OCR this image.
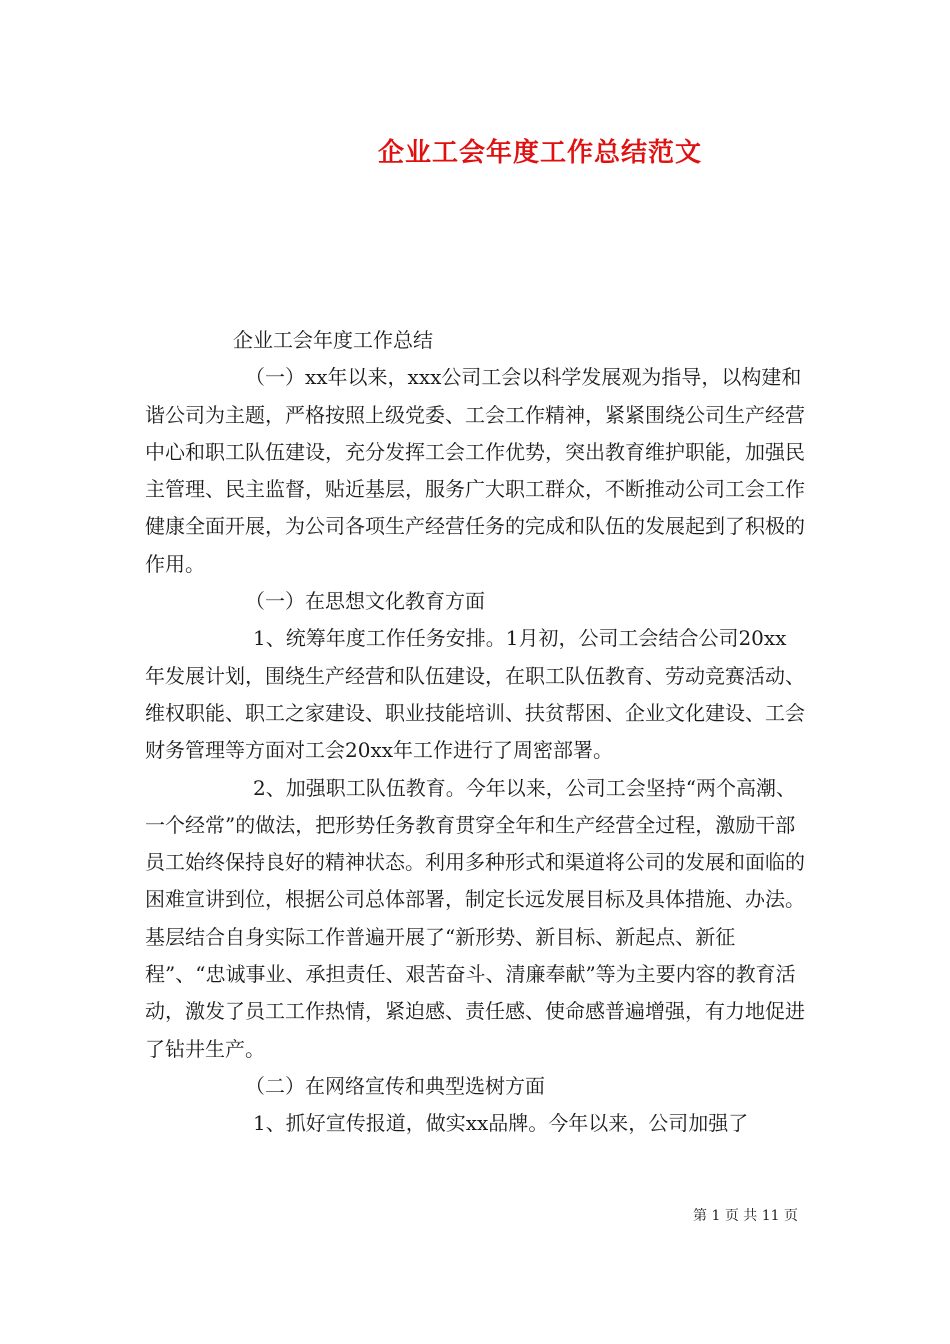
企业工会年度工作总结范文

企业工会年度工作总结

（一）xx年以来，xxx公司工会以科学发展观为指导，以构建和谐公司为主题，严格按照上级党委、工会工作精神，紧紧围绕公司生产经营中心和职工队伍建设，充分发挥工会工作优势，突出教育维护职能，加强民主管理、民主监督，贴近基层，服务广大职工群众，不断推动公司工会工作健康全面开展，为公司各项生产经营任务的完成和队伍的发展起到了积极的作用。

（一）在思想文化教育方面

1、统筹年度工作任务安排。1月初，公司工会结合公司20xx年发展计划，围绕生产经营和队伍建设，在职工队伍教育、劳动竞赛活动、维权职能、职工之家建设、职业技能培训、扶贫帮困、企业文化建设、工会财务管理等方面对工会20xx年工作进行了周密部署。

2、加强职工队伍教育。今年以来，公司工会坚持“两个高潮、一个经常”的做法，把形势任务教育贯穿全年和生产经营全过程，激励干部员工始终保持良好的精神状态。利用多种形式和渠道将公司的发展和面临的困难宣讲到位，根据公司总体部署，制定长远发展目标及具体措施、办法。基层结合自身实际工作普遍开展了“新形势、新目标、新起点、新征程”、“忠诚事业、承担责任、艰苦奋斗、清廉奉献”等为主要内容的教育活动，激发了员工工作热情，紧迫感、责任感、使命感普遍增强，有力地促进了钻井生产。

（二）在网络宣传和典型选树方面

1、抓好宣传报道，做实xx品牌。今年以来，公司加强了

第 1 页 共 11 页
